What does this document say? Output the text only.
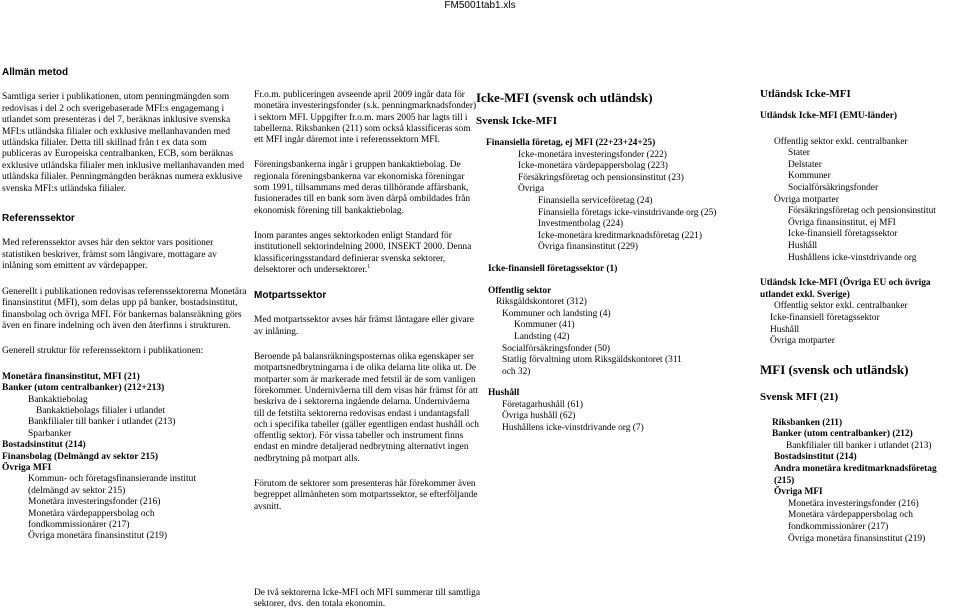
FM5001tab1.xls

Allmän metod

Samtliga serier i publikationen, utom penningmängden som redovisas i del 2 och sverigebaserade MFI:s engagemang i utlandet som presenteras i del 7, beräknas inklusive svenska MFI:s utländska filialer och exklusive mellanhavanden med utländska filialer. Detta till skillnad från t ex data som publiceras av Europeiska centralbanken, ECB, som beräknas exklusive utländska filialer men inklusive mellanhavanden med utländska filialer. Penningmängden beräknas numera exklusive svenska MFI:s utländska filialer.

Referenssektor

Med referenssektor avses här den sektor vars positioner statistiken beskriver, främst som långivare, mottagare av inlåning som emittent av värdepapper.

Generellt i publikationen redovisas referenssektorerna Monetära finansinstitut (MFI), som delas upp på banker, bostadsinstitut, finansbolag och övriga MFI. För bankernas balansräkning görs även en finare indelning och även den återfinns i strukturen.

Generell struktur för referenssektorn i publikationen:

Monetära finansinstitut, MFI (21)

Banker (utom centralbanker) (212+213)

Bankaktiebolag

Bankaktiebolags filialer i utlandet

Bankfilialer till banker i utlandet (213)

Sparbanker

Bostadsinstitut (214)

Finansbolag (Delmängd av sektor 215)

Övriga MFI

Kommun- och företagsfinansierande institut

(delmängd av sektor 215)

Monetära investeringsfonder (216)

Monetära värdepappersbolag och

fondkommissionärer (217)

Övriga monetära finansinstitut (219)

Fr.o.m. publiceringen avseende april 2009 ingår data för monetära investeringsfonder (s.k. penningmarknadsfonder) i sektorn MFI. Uppgifter fr.o.m. mars 2005 har lagts till i tabellerna. Riksbanken (211) som också klassificeras som ett MFI ingår däremot inte i referenssektorn MFI.

Föreningsbankerna ingår i gruppen bankaktiebolag. De regionala föreningsbankerna var ekonomiska föreningar som 1991, tillsammans med deras tillhörande affärsbank, fusionerades till en bank som även därpå ombildades från ekonomisk förening till bankaktiebolag.

Inom parantes anges sektorkoden enligt Standard för institutionell sektorindelning 2000, INSEKT 2000. Denna klassificeringsstandard definierar svenska sektorer, delsektorer och undersektorer.$^1$

Motpartssektor

Med motpartssektor avses här främst låntagare eller givare av inlåning.

Beroende på balansräkningsposternas olika egenskaper ser motpartsnedbrytningarna i de olika delarna lite olika ut. De motparter som är markerade med fetstil är de som vanligen förekommer. Undernivåerna till dem visas här främst för att beskriva de i sektorerna ingående delarna. Undernivåerna till de fetstilta sektorerna redovisas endast i undantagsfall och i specifika tabeller (gäller egentligen endast hushåll och offentlig sektor). För vissa tabeller och instrument finns endast en mindre detaljerad nedbrytning alternativt ingen nedbrytning på motpart alls.

Förutom de sektorer som presenteras här förekommer även begreppet allmänheten som motpartssektor, se efterföljande avsnitt.

De två sektorerna Icke-MFI och MFI summerar till samtliga sektorer, dvs. den totala ekonomin.

Icke-MFI (svensk och utländsk)

Svensk Icke-MFI

Finansiella företag, ej MFI (22+23+24+25)

Icke-monetära investeringsfonder (222)

Icke-monetära värdepappersbolag (223)

Försäkringsföretag och pensionsinstitut (23)

Övriga

Finansiella serviceföretag (24)

Finansiella företags icke-vinstdrivande org (25)

Investmentbolag (224)

Icke-monetära kreditmarknadsföretag (221)

Övriga finansinstitut (229)

Icke-finansiell företagssektor (1)

Offentlig sektor

Riksgäldskontoret (312)

Kommuner och landsting (4)

Kommuner (41)

Landsting (42)

Socialförsäkringsfonder (50)

Statlig förvaltning utom Riksgäldskontoret (311

och 32)

Hushåll

Företagarhushåll (61)

Övriga hushåll (62)

Hushållens icke-vinstdrivande org (7)

Utländsk Icke-MFI

Utländsk Icke-MFI (EMU-länder)

Offentlig sektor exkl. centralbanker

Stater

Delstater

Kommuner

Socialförsäkringsfonder

Övriga motparter

Försäkringsföretag och pensionsinstitut

Övriga finansinstitut, ej MFI

Icke-finansiell företagssektor

Hushåll

Hushållens icke-vinstdrivande org

Utländsk Icke-MFI (Övriga EU och övriga

utlandet exkl. Sverige)

Offentlig sektor exkl. centralbanker

Icke-finansiell företagssektor

Hushåll

Övriga motparter

MFI (svensk och utländsk)

Svensk MFI (21)

Riksbanken (211)

Banker (utom centralbanker) (212)

Bankfilialer till banker i utlandet (213)

Bostadsinstitut (214)

Andra monetära kreditmarknadsföretag

(215)

Övriga MFI

Monetära investeringsfonder (216)

Monetära värdepappersbolag och

fondkommissionärer (217)

Övriga monetära finansinstitut (219)
